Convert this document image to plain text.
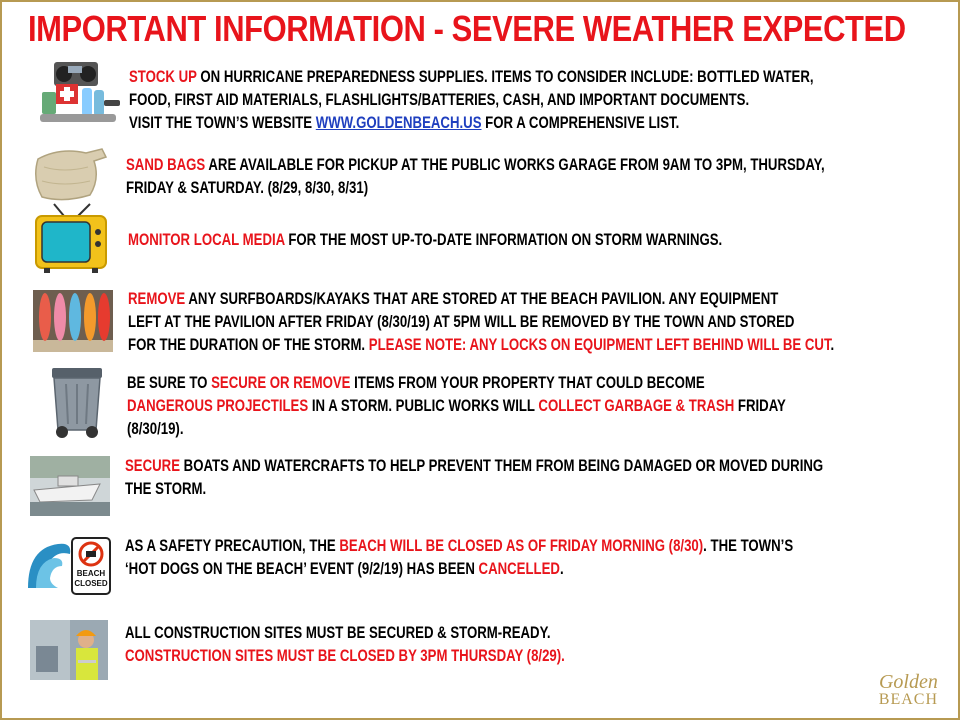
IMPORTANT INFORMATION - SEVERE WEATHER EXPECTED
BEACH
CLOSED
STOCK UP ON HURRICANE PREPAREDNESS SUPPLIES. ITEMS TO CONSIDER INCLUDE: BOTTLED WATER,
FOOD, FIRST AID MATERIALS, FLASHLIGHTS/BATTERIES, CASH, AND IMPORTANT DOCUMENTS.
VISIT THE TOWN’S WEBSITE WWW.GOLDENBEACH.US FOR A COMPREHENSIVE LIST.
SAND BAGS ARE AVAILABLE FOR PICKUP AT THE PUBLIC WORKS GARAGE FROM 9AM TO 3PM, THURSDAY,
FRIDAY & SATURDAY. (8/29, 8/30, 8/31)
MONITOR LOCAL MEDIA FOR THE MOST UP-TO-DATE INFORMATION ON STORM WARNINGS.
REMOVE ANY SURFBOARDS/KAYAKS THAT ARE STORED AT THE BEACH PAVILION. ANY EQUIPMENT
LEFT AT THE PAVILION AFTER FRIDAY (8/30/19) AT 5PM WILL BE REMOVED BY THE TOWN AND STORED
FOR THE DURATION OF THE STORM. PLEASE NOTE: ANY LOCKS ON EQUIPMENT LEFT BEHIND WILL BE CUT.
BE SURE TO SECURE OR REMOVE ITEMS FROM YOUR PROPERTY THAT COULD BECOME
DANGEROUS PROJECTILES IN A STORM. PUBLIC WORKS WILL COLLECT GARBAGE & TRASH FRIDAY
(8/30/19).
SECURE BOATS AND WATERCRAFTS TO HELP PREVENT THEM FROM BEING DAMAGED OR MOVED DURING
THE STORM.
AS A SAFETY PRECAUTION, THE BEACH WILL BE CLOSED AS OF FRIDAY MORNING (8/30). THE TOWN’S
‘HOT DOGS ON THE BEACH’ EVENT (9/2/19) HAS BEEN CANCELLED.
ALL CONSTRUCTION SITES MUST BE SECURED & STORM-READY.
CONSTRUCTION SITES MUST BE CLOSED BY 3PM THURSDAY (8/29).
Golden
BEACH
